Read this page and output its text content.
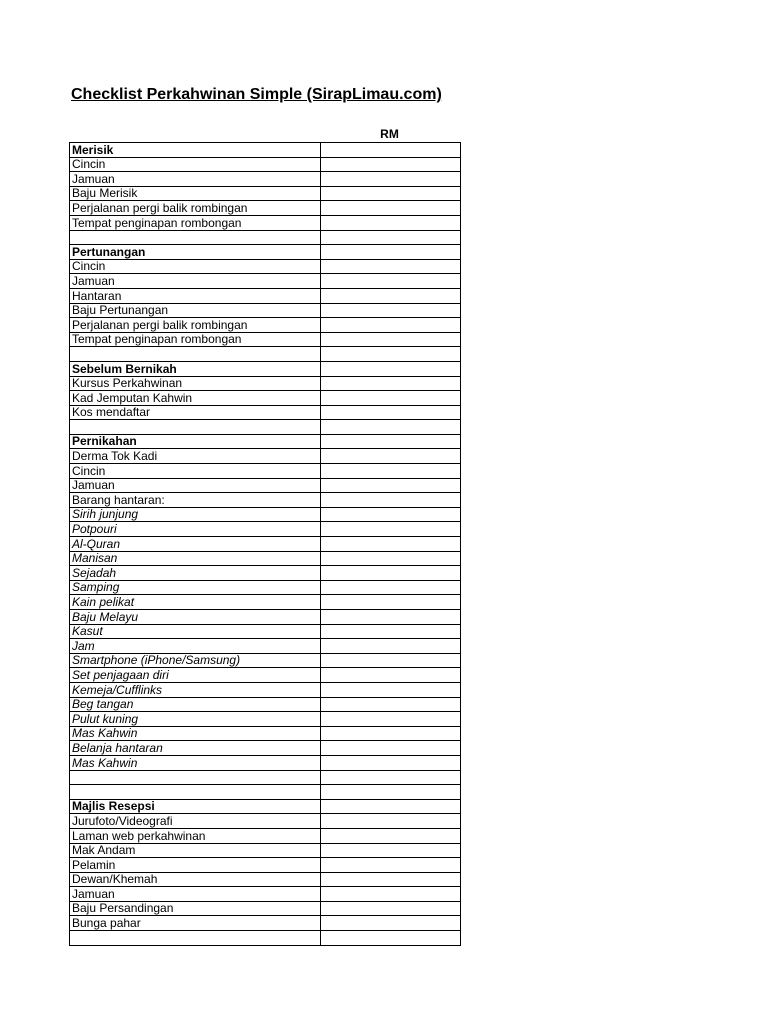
Checklist Perkahwinan Simple (SirapLimau.com)
RM
Merisik	
Cincin	
Jamuan	
Baju Merisik	
Perjalanan pergi balik rombingan	
Tempat penginapan rombongan	

Pertunangan	
Cincin	
Jamuan	
Hantaran	
Baju Pertunangan	
Perjalanan pergi balik rombingan	
Tempat penginapan rombongan	

Sebelum Bernikah	
Kursus Perkahwinan	
Kad Jemputan Kahwin	
Kos mendaftar	

Pernikahan	
Derma Tok Kadi	
Cincin	
Jamuan	
Barang hantaran:	
Sirih junjung	
Potpouri	
Al-Quran	
Manisan	
Sejadah	
Samping	
Kain pelikat	
Baju Melayu	
Kasut	
Jam	
Smartphone (iPhone/Samsung)	
Set penjagaan diri	
Kemeja/Cufflinks	
Beg tangan	
Pulut kuning	
Mas Kahwin	
Belanja hantaran	
Mas Kahwin	

Majlis Resepsi	
Jurufoto/Videografi	
Laman web perkahwinan	
Mak Andam	
Pelamin	
Dewan/Khemah	
Jamuan	
Baju Persandingan	
Bunga pahar	
